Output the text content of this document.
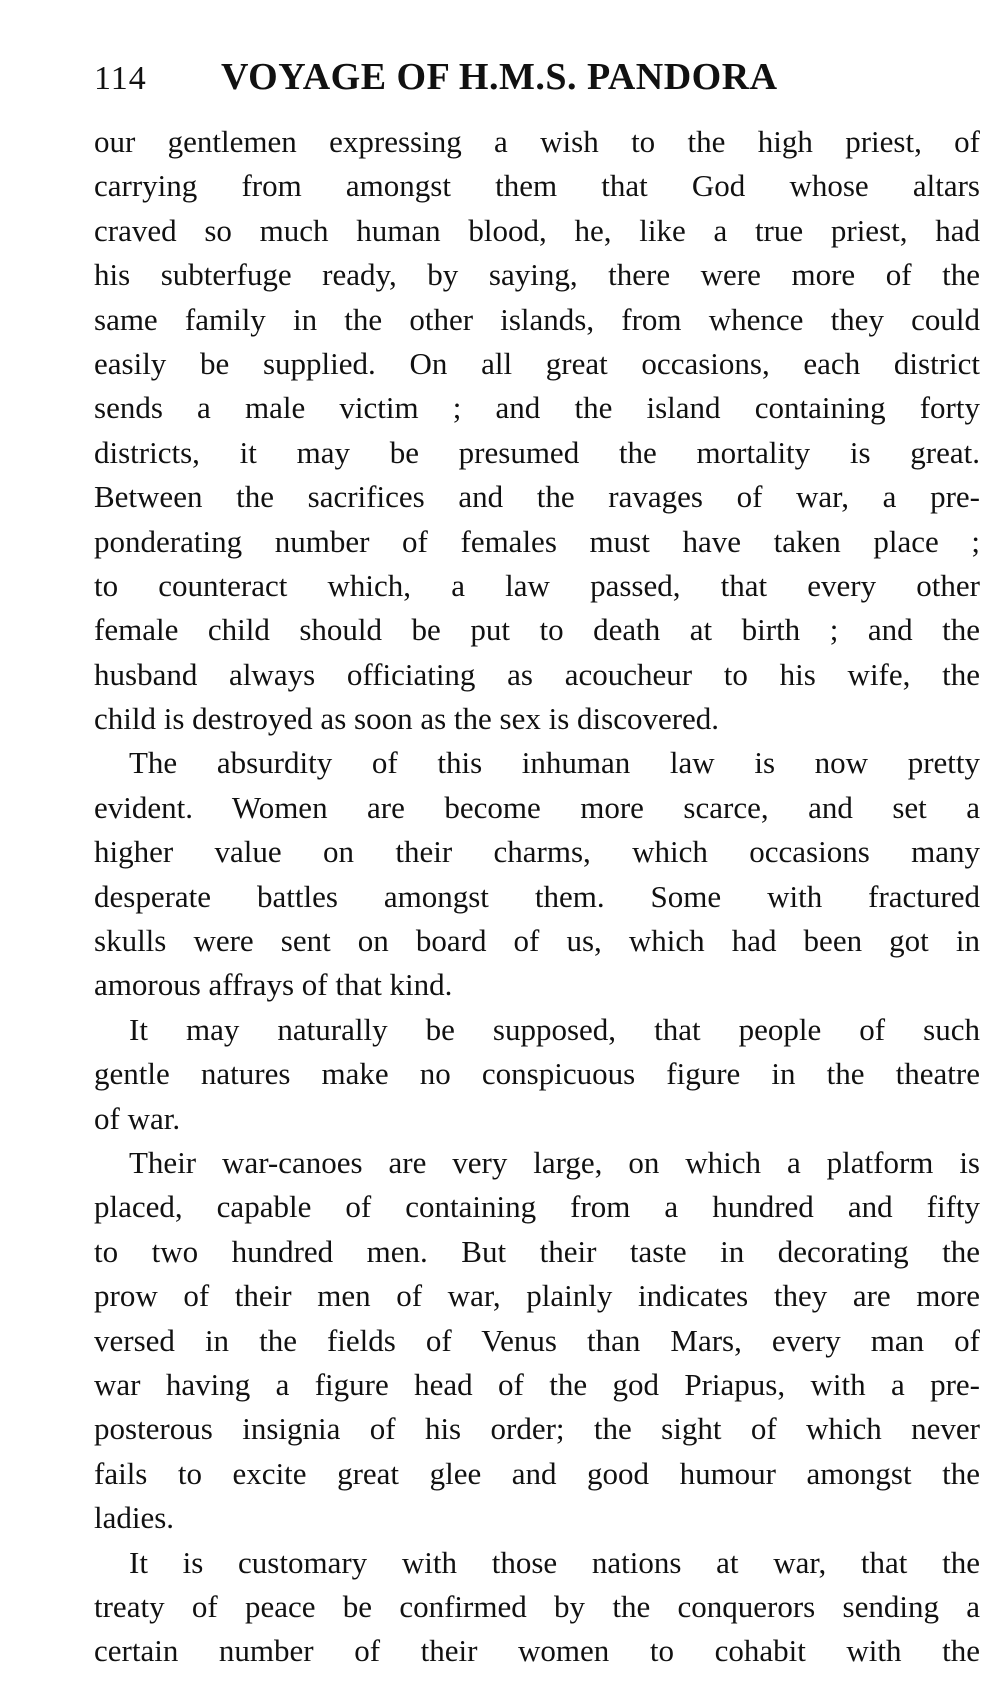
114 VOYAGE OF H.M.S. PANDORA
our gentlemen expressing a wish to the high priest, of
carrying from amongst them that God whose altars
craved so much human blood, he, like a true priest, had
his subterfuge ready, by saying, there were more of the
same family in the other islands, from whence they could
easily be supplied. On all great occasions, each district
sends a male victim ; and the island containing forty
districts, it may be presumed the mortality is great.
Between the sacrifices and the ravages of war, a pre-
ponderating number of females must have taken place ;
to counteract which, a law passed, that every other
female child should be put to death at birth ; and the
husband always officiating as acoucheur to his wife, the
child is destroyed as soon as the sex is discovered.
The absurdity of this inhuman law is now pretty
evident. Women are become more scarce, and set a
higher value on their charms, which occasions many
desperate battles amongst them. Some with fractured
skulls were sent on board of us, which had been got in
amorous affrays of that kind.
It may naturally be supposed, that people of such
gentle natures make no conspicuous figure in the theatre
of war.
Their war-canoes are very large, on which a platform is
placed, capable of containing from a hundred and fifty
to two hundred men. But their taste in decorating the
prow of their men of war, plainly indicates they are more
versed in the fields of Venus than Mars, every man of
war having a figure head of the god Priapus, with a pre-
posterous insignia of his order; the sight of which never
fails to excite great glee and good humour amongst the
ladies.
It is customary with those nations at war, that the
treaty of peace be confirmed by the conquerors sending a
certain number of their women to cohabit with the
